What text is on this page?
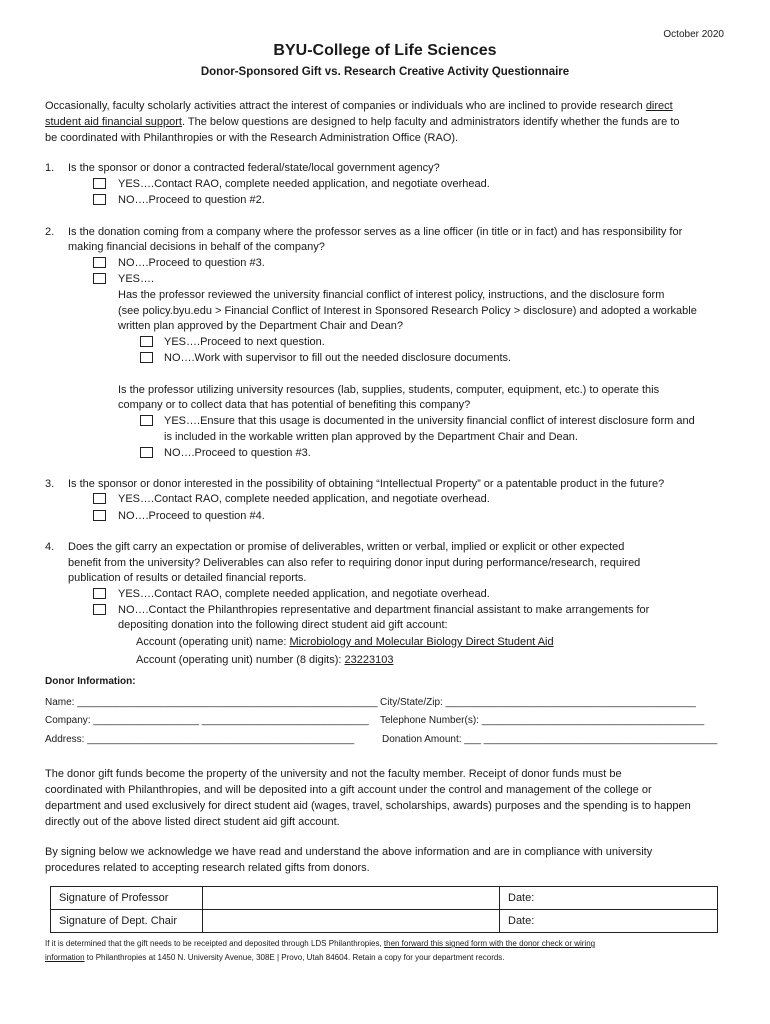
October 2020
BYU-College of Life Sciences
Donor-Sponsored Gift vs. Research Creative Activity Questionnaire
Occasionally, faculty scholarly activities attract the interest of companies or individuals who are inclined to provide research direct
student aid financial support. The below questions are designed to help faculty and administrators identify whether the funds are to
be coordinated with Philanthropies or with the Research Administration Office (RAO).
1. Is the sponsor or donor a contracted federal/state/local government agency?
YES….Contact RAO, complete needed application, and negotiate overhead.
NO….Proceed to question #2.
2. Is the donation coming from a company where the professor serves as a line officer (in title or in fact) and has responsibility for
making financial decisions in behalf of the company?
NO….Proceed to question #3.
YES….
Has the professor reviewed the university financial conflict of interest policy, instructions, and the disclosure form
(see policy.byu.edu > Financial Conflict of Interest in Sponsored Research Policy > disclosure) and adopted a workable
written plan approved by the Department Chair and Dean?
YES….Proceed to next question.
NO….Work with supervisor to fill out the needed disclosure documents.
Is the professor utilizing university resources (lab, supplies, students, computer, equipment, etc.) to operate this
company or to collect data that has potential of benefiting this company?
YES….Ensure that this usage is documented in the university financial conflict of interest disclosure form and
is included in the workable written plan approved by the Department Chair and Dean.
NO….Proceed to question #3.
3. Is the sponsor or donor interested in the possibility of obtaining “Intellectual Property” or a patentable product in the future?
YES….Contact RAO, complete needed application, and negotiate overhead.
NO….Proceed to question #4.
4. Does the gift carry an expectation or promise of deliverables, written or verbal, implied or explicit or other expected
benefit from the university? Deliverables can also refer to requiring donor input during performance/research, required
publication of results or detailed financial reports.
YES….Contact RAO, complete needed application, and negotiate overhead.
NO….Contact the Philanthropies representative and department financial assistant to make arrangements for
depositing donation into the following direct student aid gift account:
Account (operating unit) name: Microbiology and Molecular Biology Direct Student Aid
Account (operating unit) number (8 digits): 23223103
Donor Information:
Name: ______________________________________________________ City/State/Zip: _____________________________________________
Company: ___________________ ______________________________ Telephone Number(s): ________________________________________
Address: ________________________________________________	Donation Amount: ___ __________________________________________
The donor gift funds become the property of the university and not the faculty member. Receipt of donor funds must be
coordinated with Philanthropies, and will be deposited into a gift account under the control and management of the college or
department and used exclusively for direct student aid (wages, travel, scholarships, awards) purposes and the spending is to happen
directly out of the above listed direct student aid gift account.
By signing below we acknowledge we have read and understand the above information and are in compliance with university
procedures related to accepting research related gifts from donors.
Signature of Professor		Date:
Signature of Dept. Chair		Date:
If it is determined that the gift needs to be receipted and deposited through LDS Philanthropies, then forward this signed form with the donor check or wiring
information to Philanthropies at 1450 N. University Avenue, 308E | Provo, Utah 84604. Retain a copy for your department records.
